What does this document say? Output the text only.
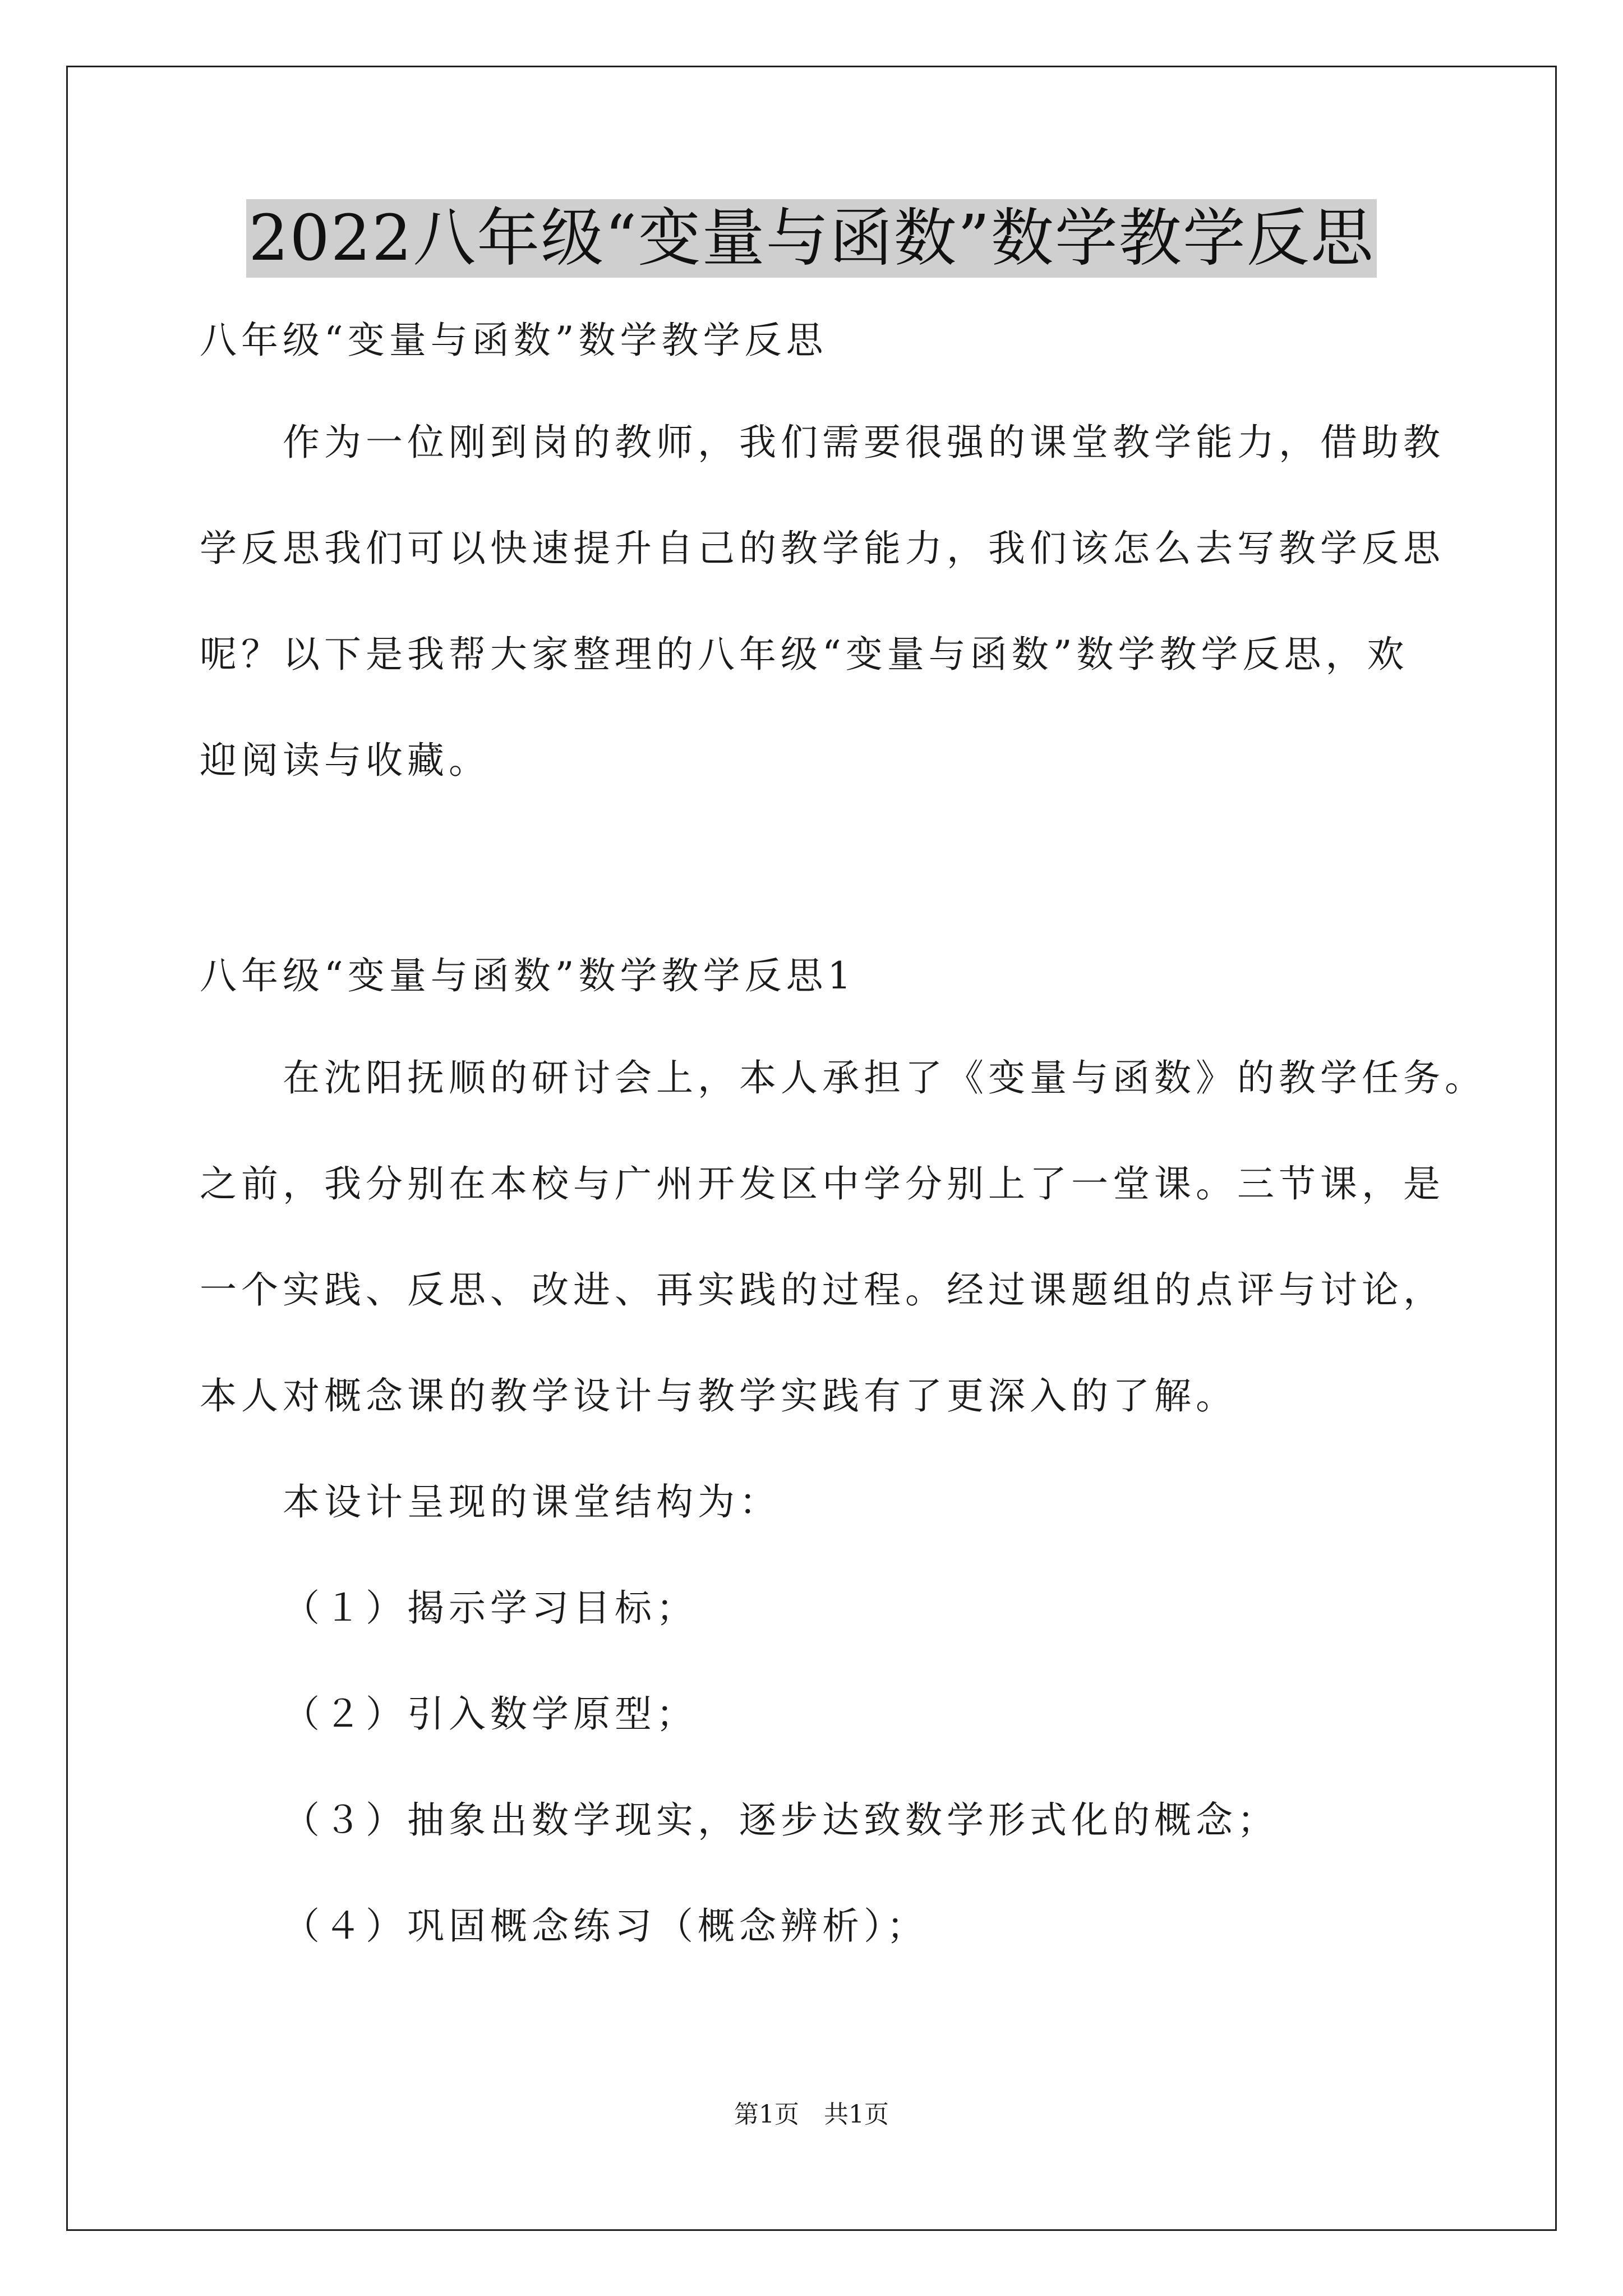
2022八年级“变量与函数”数学教学反思
八年级“变量与函数”数学教学反思
作为一位刚到岗的教师，我们需要很强的课堂教学能力，借助教
学反思我们可以快速提升自己的教学能力，我们该怎么去写教学反思
呢？以下是我帮大家整理的八年级“变量与函数”数学教学反思，欢
迎阅读与收藏。
八年级“变量与函数”数学教学反思1
在沈阳抚顺的研讨会上，本人承担了《变量与函数》的教学任务。
之前，我分别在本校与广州开发区中学分别上了一堂课。三节课，是
一个实践、反思、改进、再实践的过程。经过课题组的点评与讨论，
本人对概念课的教学设计与教学实践有了更深入的了解。
本设计呈现的课堂结构为：
（１）揭示学习目标；
（２）引入数学原型；
（３）抽象出数学现实，逐步达致数学形式化的概念；
（４）巩固概念练习（概念辨析）；
第1页　共1页
